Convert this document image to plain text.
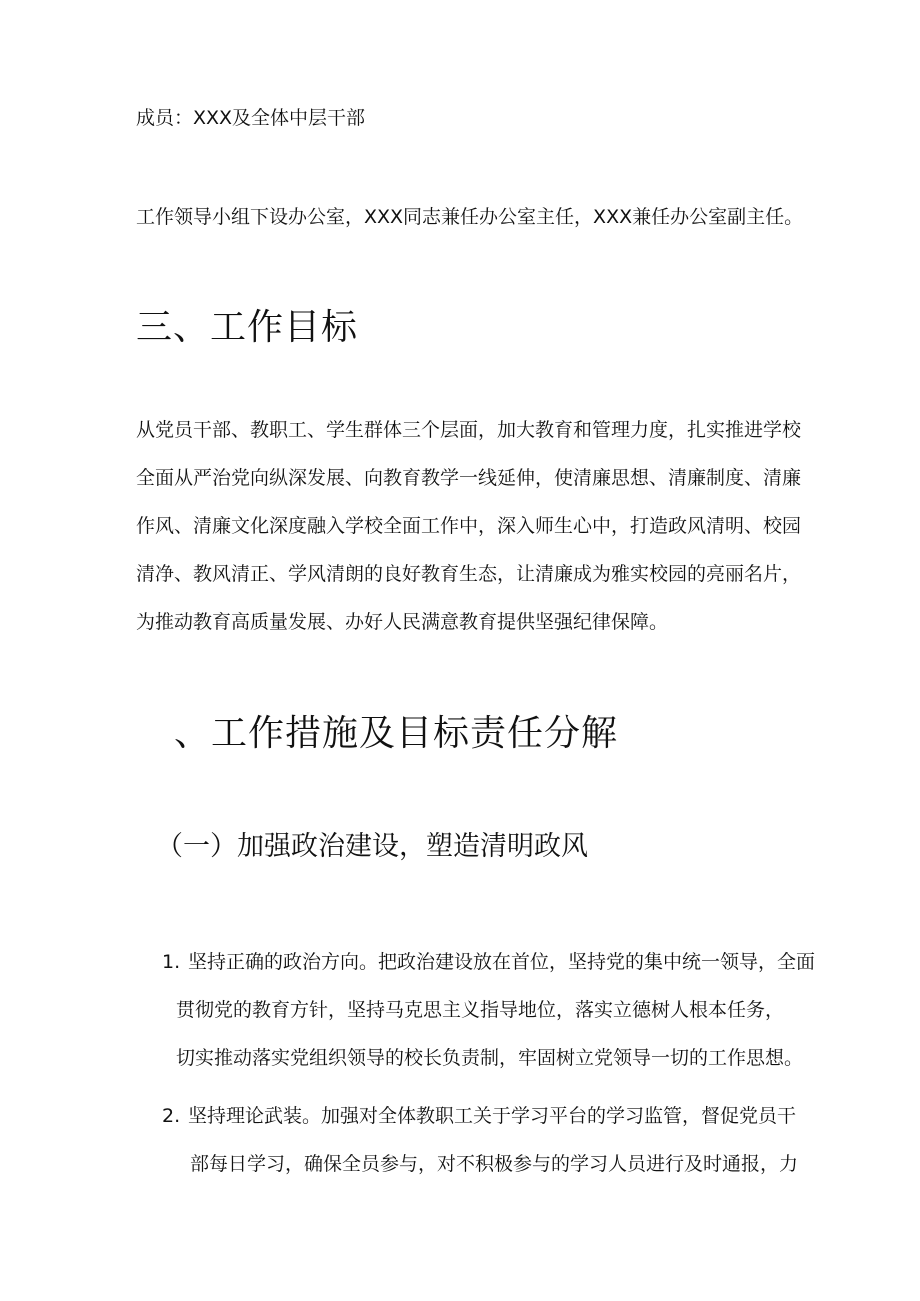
成员：XXX及全体中层干部
工作领导小组下设办公室，XXX同志兼任办公室主任，XXX兼任办公室副主任。
三、工作目标
从党员干部、教职工、学生群体三个层面，加大教育和管理力度，扎实推进学校
全面从严治党向纵深发展、向教育教学一线延伸，使清廉思想、清廉制度、清廉
作风、清廉文化深度融入学校全面工作中，深入师生心中，打造政风清明、校园
清净、教风清正、学风清朗的良好教育生态，让清廉成为雅实校园的亮丽名片，
为推动教育高质量发展、办好人民满意教育提供坚强纪律保障。
、工作措施及目标责任分解
（一）加强政治建设，塑造清明政风
1. 坚持正确的政治方向。把政治建设放在首位，坚持党的集中统一领导，全面
贯彻党的教育方针，坚持马克思主义指导地位，落实立德树人根本任务，
切实推动落实党组织领导的校长负责制，牢固树立党领导一切的工作思想。
2. 坚持理论武装。加强对全体教职工关于学习平台的学习监管，督促党员干
部每日学习，确保全员参与，对不积极参与的学习人员进行及时通报，力
